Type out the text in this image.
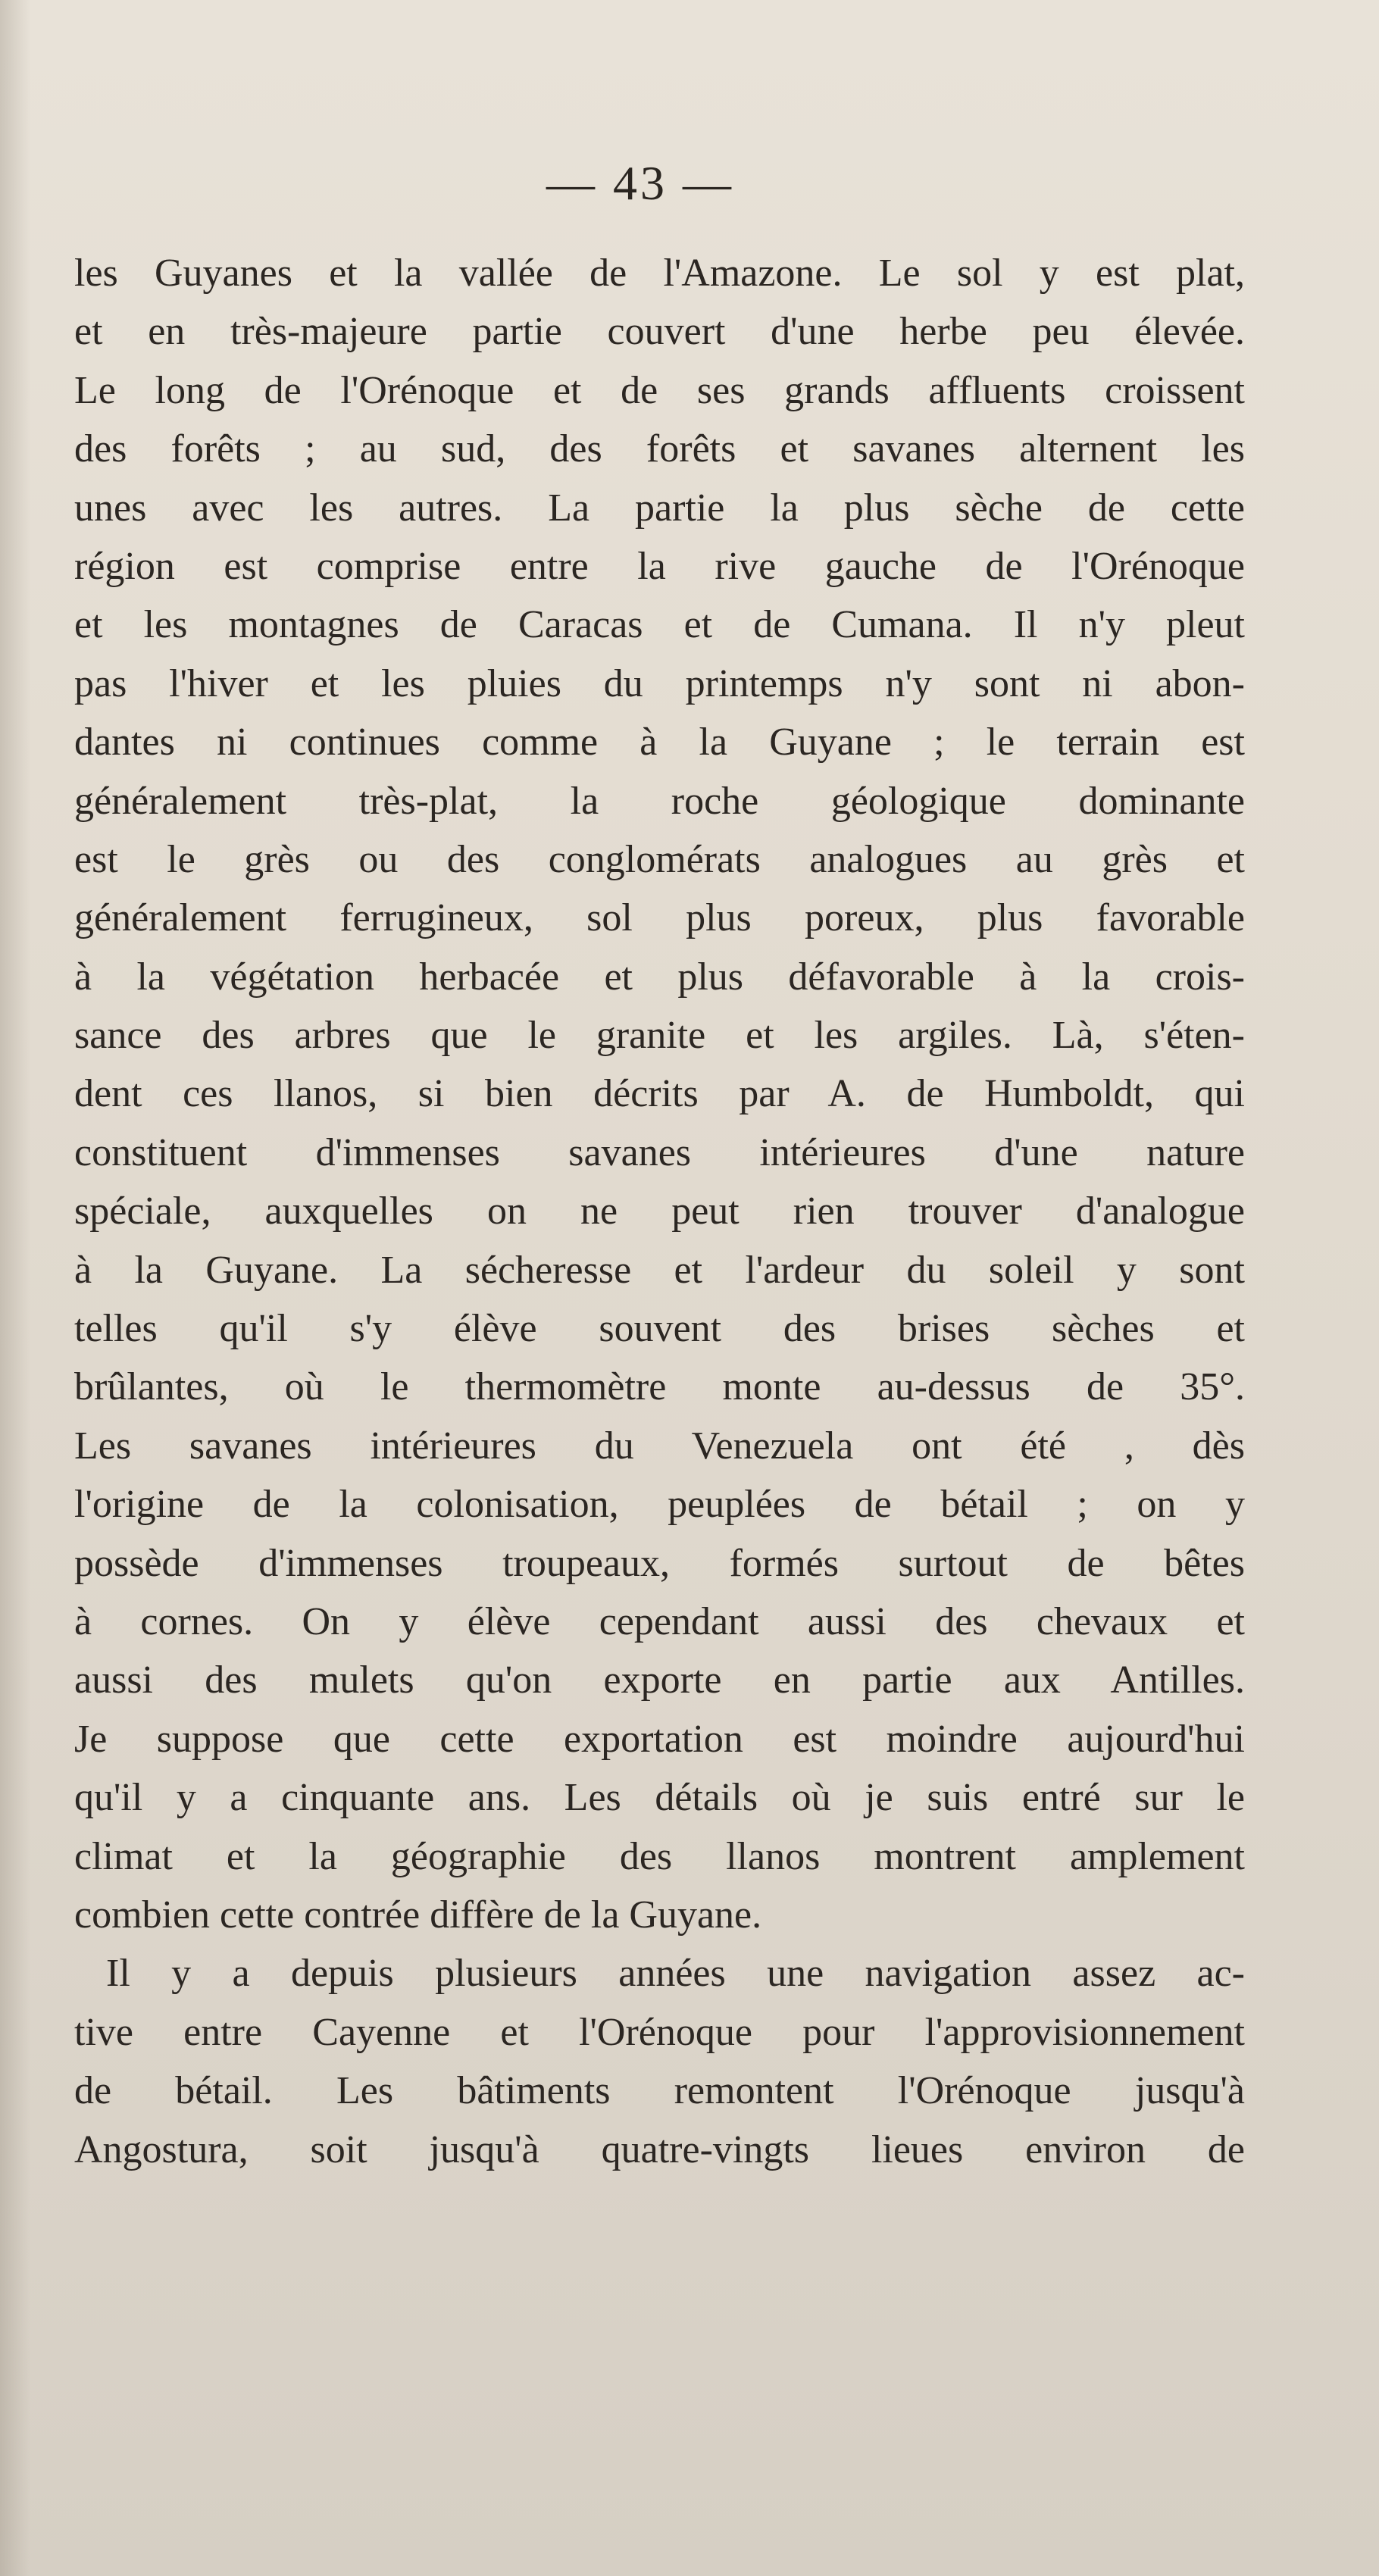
— 43 —
les Guyanes et la vallée de l'Amazone. Le sol y est plat,
et en très-majeure partie couvert d'une herbe peu élevée.
Le long de l'Orénoque et de ses grands affluents croissent
des forêts ; au sud, des forêts et savanes alternent les
unes avec les autres. La partie la plus sèche de cette
région est comprise entre la rive gauche de l'Orénoque
et les montagnes de Caracas et de Cumana. Il n'y pleut
pas l'hiver et les pluies du printemps n'y sont ni abon-
dantes ni continues comme à la Guyane ; le terrain est
généralement très-plat, la roche géologique dominante
est le grès ou des conglomérats analogues au grès et
généralement ferrugineux, sol plus poreux, plus favorable
à la végétation herbacée et plus défavorable à la crois-
sance des arbres que le granite et les argiles. Là, s'éten-
dent ces llanos, si bien décrits par A. de Humboldt, qui
constituent d'immenses savanes intérieures d'une nature
spéciale, auxquelles on ne peut rien trouver d'analogue
à la Guyane. La sécheresse et l'ardeur du soleil y sont
telles qu'il s'y élève souvent des brises sèches et
brûlantes, où le thermomètre monte au-dessus de 35°.
Les savanes intérieures du Venezuela ont été , dès
l'origine de la colonisation, peuplées de bétail ; on y
possède d'immenses troupeaux, formés surtout de bêtes
à cornes. On y élève cependant aussi des chevaux et
aussi des mulets qu'on exporte en partie aux Antilles.
Je suppose que cette exportation est moindre aujourd'hui
qu'il y a cinquante ans. Les détails où je suis entré sur le
climat et la géographie des llanos montrent amplement
combien cette contrée diffère de la Guyane.
Il y a depuis plusieurs années une navigation assez ac-
tive entre Cayenne et l'Orénoque pour l'approvisionnement
de bétail. Les bâtiments remontent l'Orénoque jusqu'à
Angostura, soit jusqu'à quatre-vingts lieues environ de
